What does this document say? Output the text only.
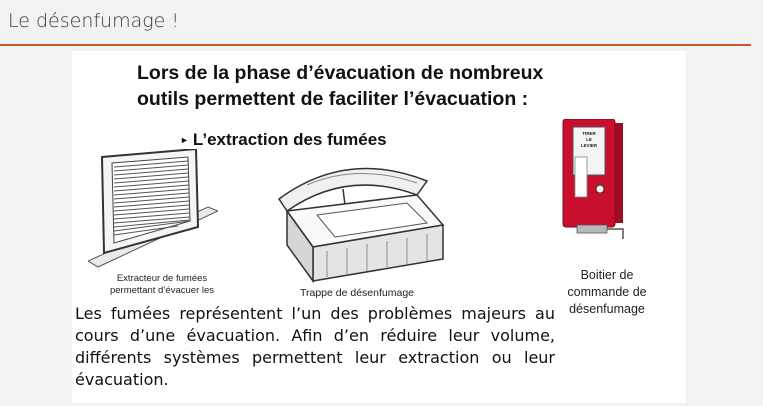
Le désenfumage !
Lors de la phase d’évacuation de nombreux
outils permettent de faciliter l’évacuation :
► L’extraction des fumées	TIRER LE LEVIER
Extracteur de fumées
permettant d’évacuer les	Trappe de désenfumage
Boitier de
commande de
désenfumage
Les fumées représentent l’un des problèmes majeurs au cours d’une évacuation. Afin d’en réduire leur volume, différents systèmes permettent leur extraction ou leur évacuation.
